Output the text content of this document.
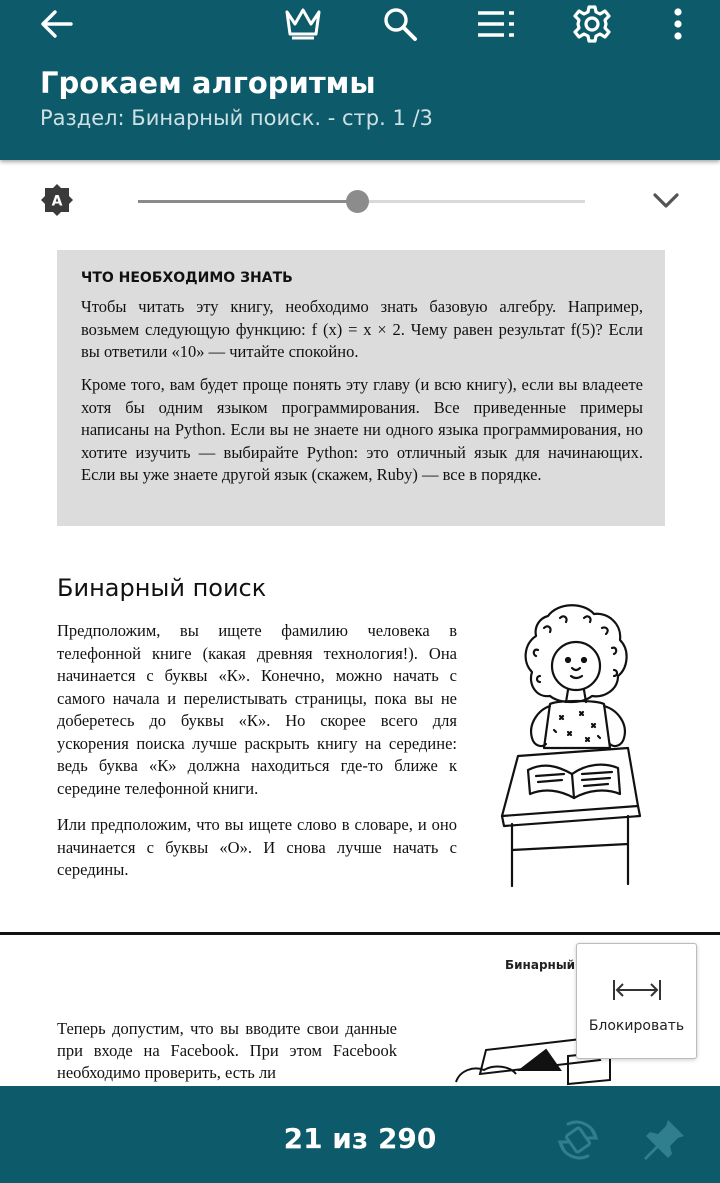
Грокаем алгоритмы
Раздел: Бинарный поиск. - стр. 1 /3
A
ЧТО НЕОБХОДИМО ЗНАТЬ
Чтобы читать эту книгу, необходимо знать базовую алгебру. Например, возьмем следующую функцию: f (x) = x × 2. Чему равен результат f(5)? Если вы ответили «10» — читайте спокойно.
Кроме того, вам будет проще понять эту главу (и всю книгу), если вы владеете хотя бы одним языком программирования. Все приведенные примеры написаны на Python. Если вы не знаете ни одного языка программирования, но хотите изучить — выбирайте Python: это отличный язык для начинающих. Если вы уже знаете другой язык (скажем, Ruby) — все в порядке.
Бинарный поиск
Предположим, вы ищете фамилию человека в телефонной книге (какая древняя технология!). Она начинается с буквы «К». Конечно, можно начать с самого начала и перелистывать страницы, пока вы не доберетесь до буквы «К». Но скорее всего для ускорения поиска лучше раскрыть книгу на середине: ведь буква «К» должна находиться где-то ближе к середине телефонной книги.
Или предположим, что вы ищете слово в словаре, и оно начинается с буквы «О». И снова лучше начать с середины.
Бинарный
Теперь допустим, что вы вводите свои данные при входе на Facebook. При этом Facebook необходимо проверить, есть ли
Блокировать
21 из 290
